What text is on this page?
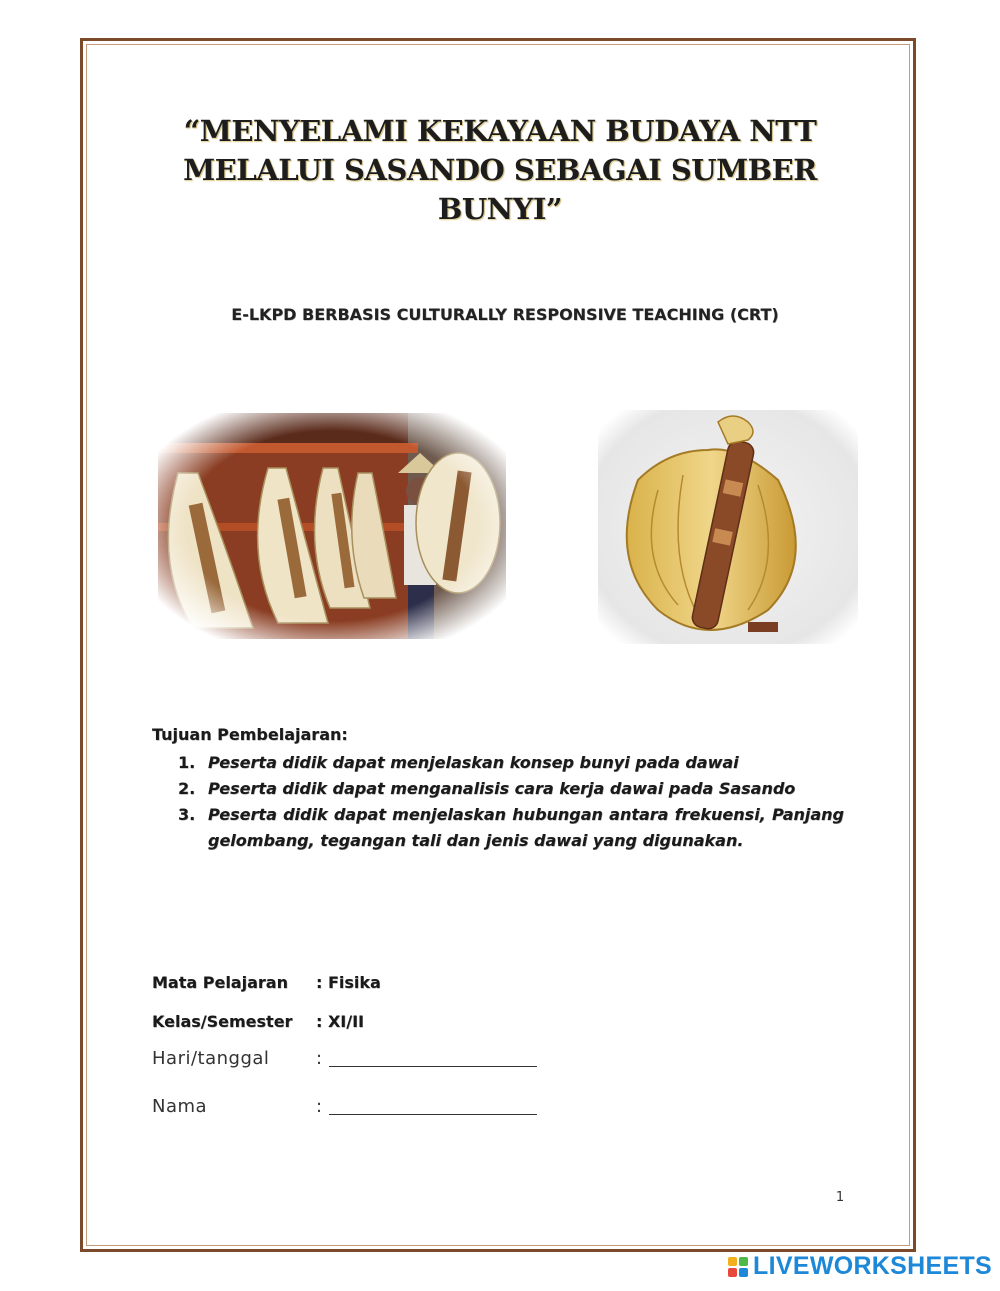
“MENYELAMI KEKAYAAN BUDAYA NTT
MELALUI SASANDO SEBAGAI SUMBER
BUNYI”

E-LKPD BERBASIS CULTURALLY RESPONSIVE TEACHING (CRT)

Tujuan Pembelajaran:

1. Peserta didik dapat menjelaskan konsep bunyi pada dawai
2. Peserta didik dapat menganalisis cara kerja dawai pada Sasando
3. Peserta didik dapat menjelaskan hubungan antara frekuensi, Panjang gelombang, tegangan tali dan jenis dawai yang digunakan.
Mata Pelajaran	: Fisika
Kelas/Semester	: XI/II
Hari/tanggal	:
Nama	:
1
LIVEWORKSHEETS
